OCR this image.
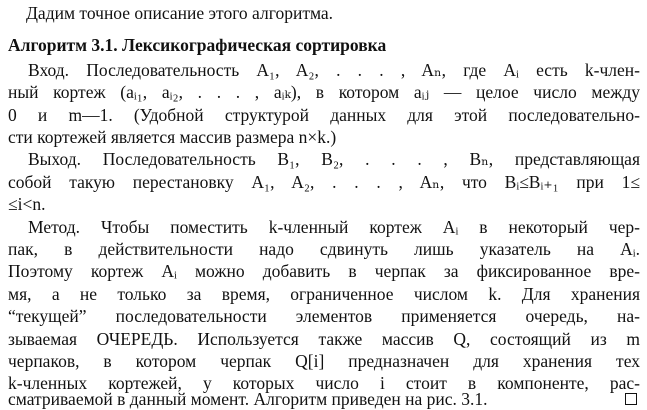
Дадим точное описание этого алгоритма.
Алгоритм 3.1. Лексикографическая сортировка
Вход. Последовательность A₁, A₂, . . . , Aₙ, где Aᵢ есть k-член-
ный кортеж (aᵢ₁, aᵢ₂, . . . , aᵢₖ), в котором aᵢⱼ — целое число между
0 и m—1. (Удобной структурой данных для этой последовательно-
сти кортежей является массив размера n×k.)
Выход. Последовательность B₁, B₂, . . . , Bₙ, представляющая
собой такую перестановку A₁, A₂, . . . , Aₙ, что Bᵢ≤Bᵢ₊₁ при 1≤
≤i<n.
Метод. Чтобы поместить k-членный кортеж Aᵢ в некоторый чер-
пак, в действительности надо сдвинуть лишь указатель на Aᵢ.
Поэтому кортеж Aᵢ можно добавить в черпак за фиксированное вре-
мя, а не только за время, ограниченное числом k. Для хранения
“текущей” последовательности элементов применяется очередь, на-
зываемая ОЧЕРЕДЬ. Используется также массив Q, состоящий из m
черпаков, в котором черпак Q[i] предназначен для хранения тех
k-членных кортежей, у которых число i стоит в компоненте, рас-
сматриваемой в данный момент. Алгоритм приведен на рис. 3.1.
